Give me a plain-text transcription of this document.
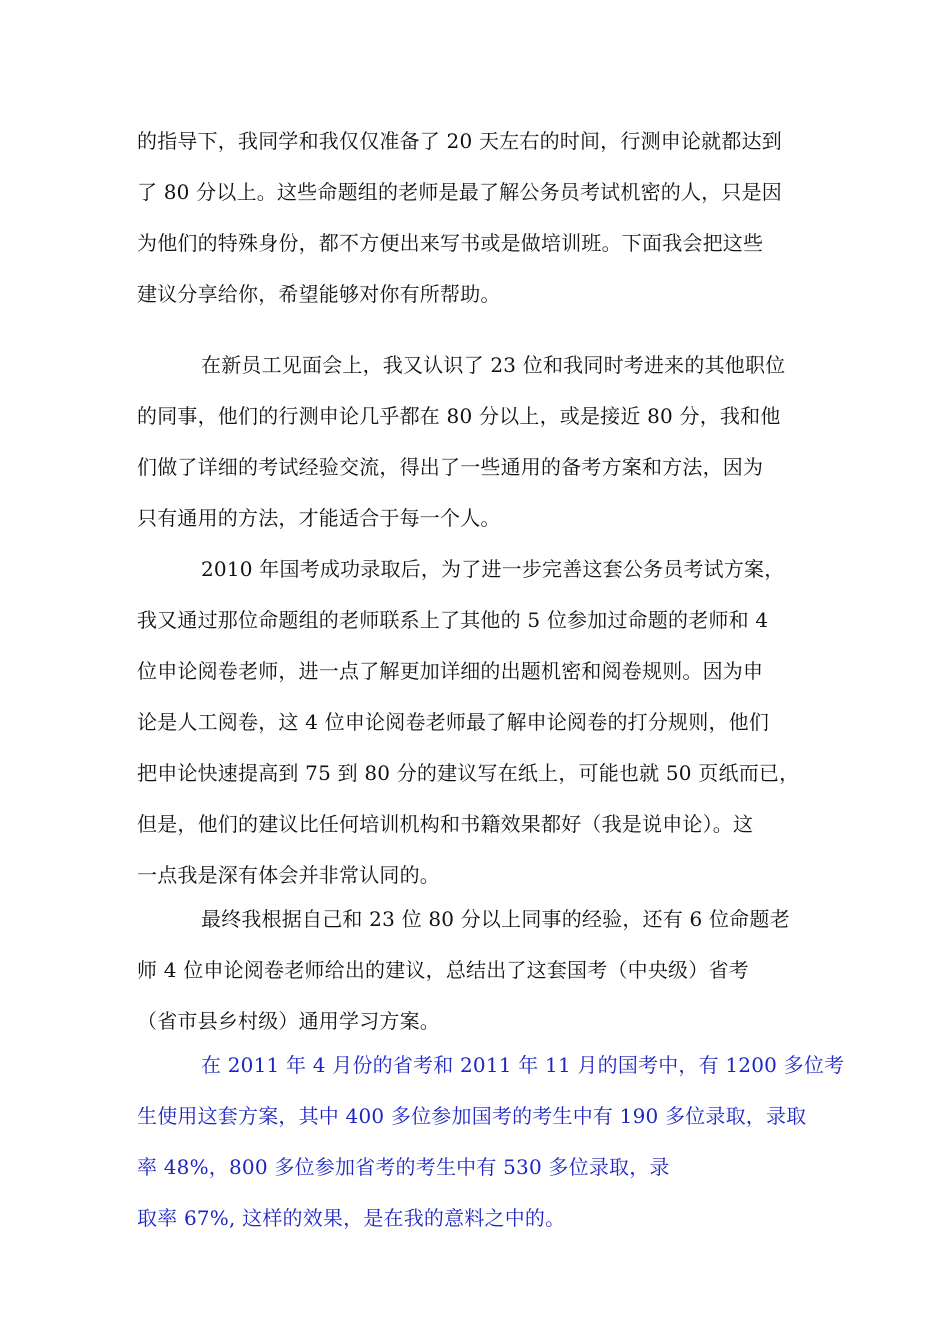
的指导下，我同学和我仅仅准备了 20 天左右的时间，行测申论就都达到
了 80 分以上。这些命题组的老师是最了解公务员考试机密的人，只是因
为他们的特殊身份，都不方便出来写书或是做培训班。下面我会把这些
建议分享给你，希望能够对你有所帮助。

在新员工见面会上，我又认识了 23 位和我同时考进来的其他职位
的同事，他们的行测申论几乎都在 80 分以上，或是接近 80 分，我和他
们做了详细的考试经验交流，得出了一些通用的备考方案和方法，因为
只有通用的方法，才能适合于每一个人。

2010 年国考成功录取后，为了进一步完善这套公务员考试方案，
我又通过那位命题组的老师联系上了其他的 5 位参加过命题的老师和 4
位申论阅卷老师，进一点了解更加详细的出题机密和阅卷规则。因为申
论是人工阅卷，这 4 位申论阅卷老师最了解申论阅卷的打分规则，他们
把申论快速提高到 75 到 80 分的建议写在纸上，可能也就 50 页纸而已，
但是，他们的建议比任何培训机构和书籍效果都好（我是说申论）。这
一点我是深有体会并非常认同的。

最终我根据自己和 23 位 80 分以上同事的经验，还有 6 位命题老
师 4 位申论阅卷老师给出的建议，总结出了这套国考（中央级）省考
（省市县乡村级）通用学习方案。

在 2011 年 4 月份的省考和 2011 年 11 月的国考中，有 1200 多位考
生使用这套方案，其中 400 多位参加国考的考生中有 190 多位录取，录取
率 48%，800 多位参加省考的考生中有 530 多位录取，录
取率 67%, 这样的效果，是在我的意料之中的。
